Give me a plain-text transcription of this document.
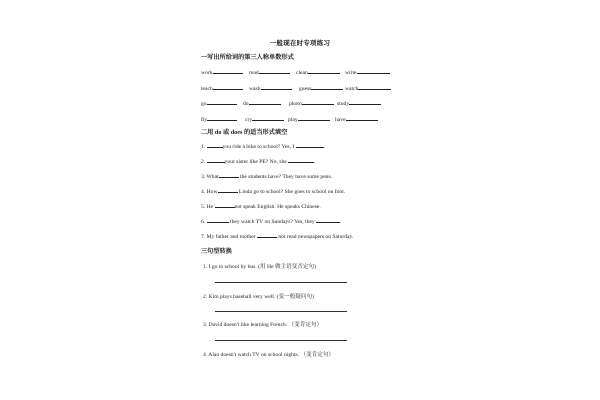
一般现在时专项练习
一写出所给词的第三人称单数形式
work	read	clean	write
teach	wash	guess	watch
go	do	photo	study
fly	cry	play	have
二用 do 或 does 的适当形式填空
1.	you ride a bike to school? Yes, I	.
2.	your sister like PE? No, she	.
3. What	the students have? They have some pens.
4. How	Linda go to school? She goes to school on foot.
5. He	not speak English. He speaks Chinese.
6.	they watch TV on Sundays? Yes, they	.
7. My father and mother	not read newspapers on Saturday.
三句型转换
1. I go to school by bus. (用 He 做主语变否定句)
2. Kim plays baseball very well. (变一般疑问句)
3. David doesn't like learning French. （变肯定句）
4. Alan doesn't watch TV on school nights. （变肯定句）
